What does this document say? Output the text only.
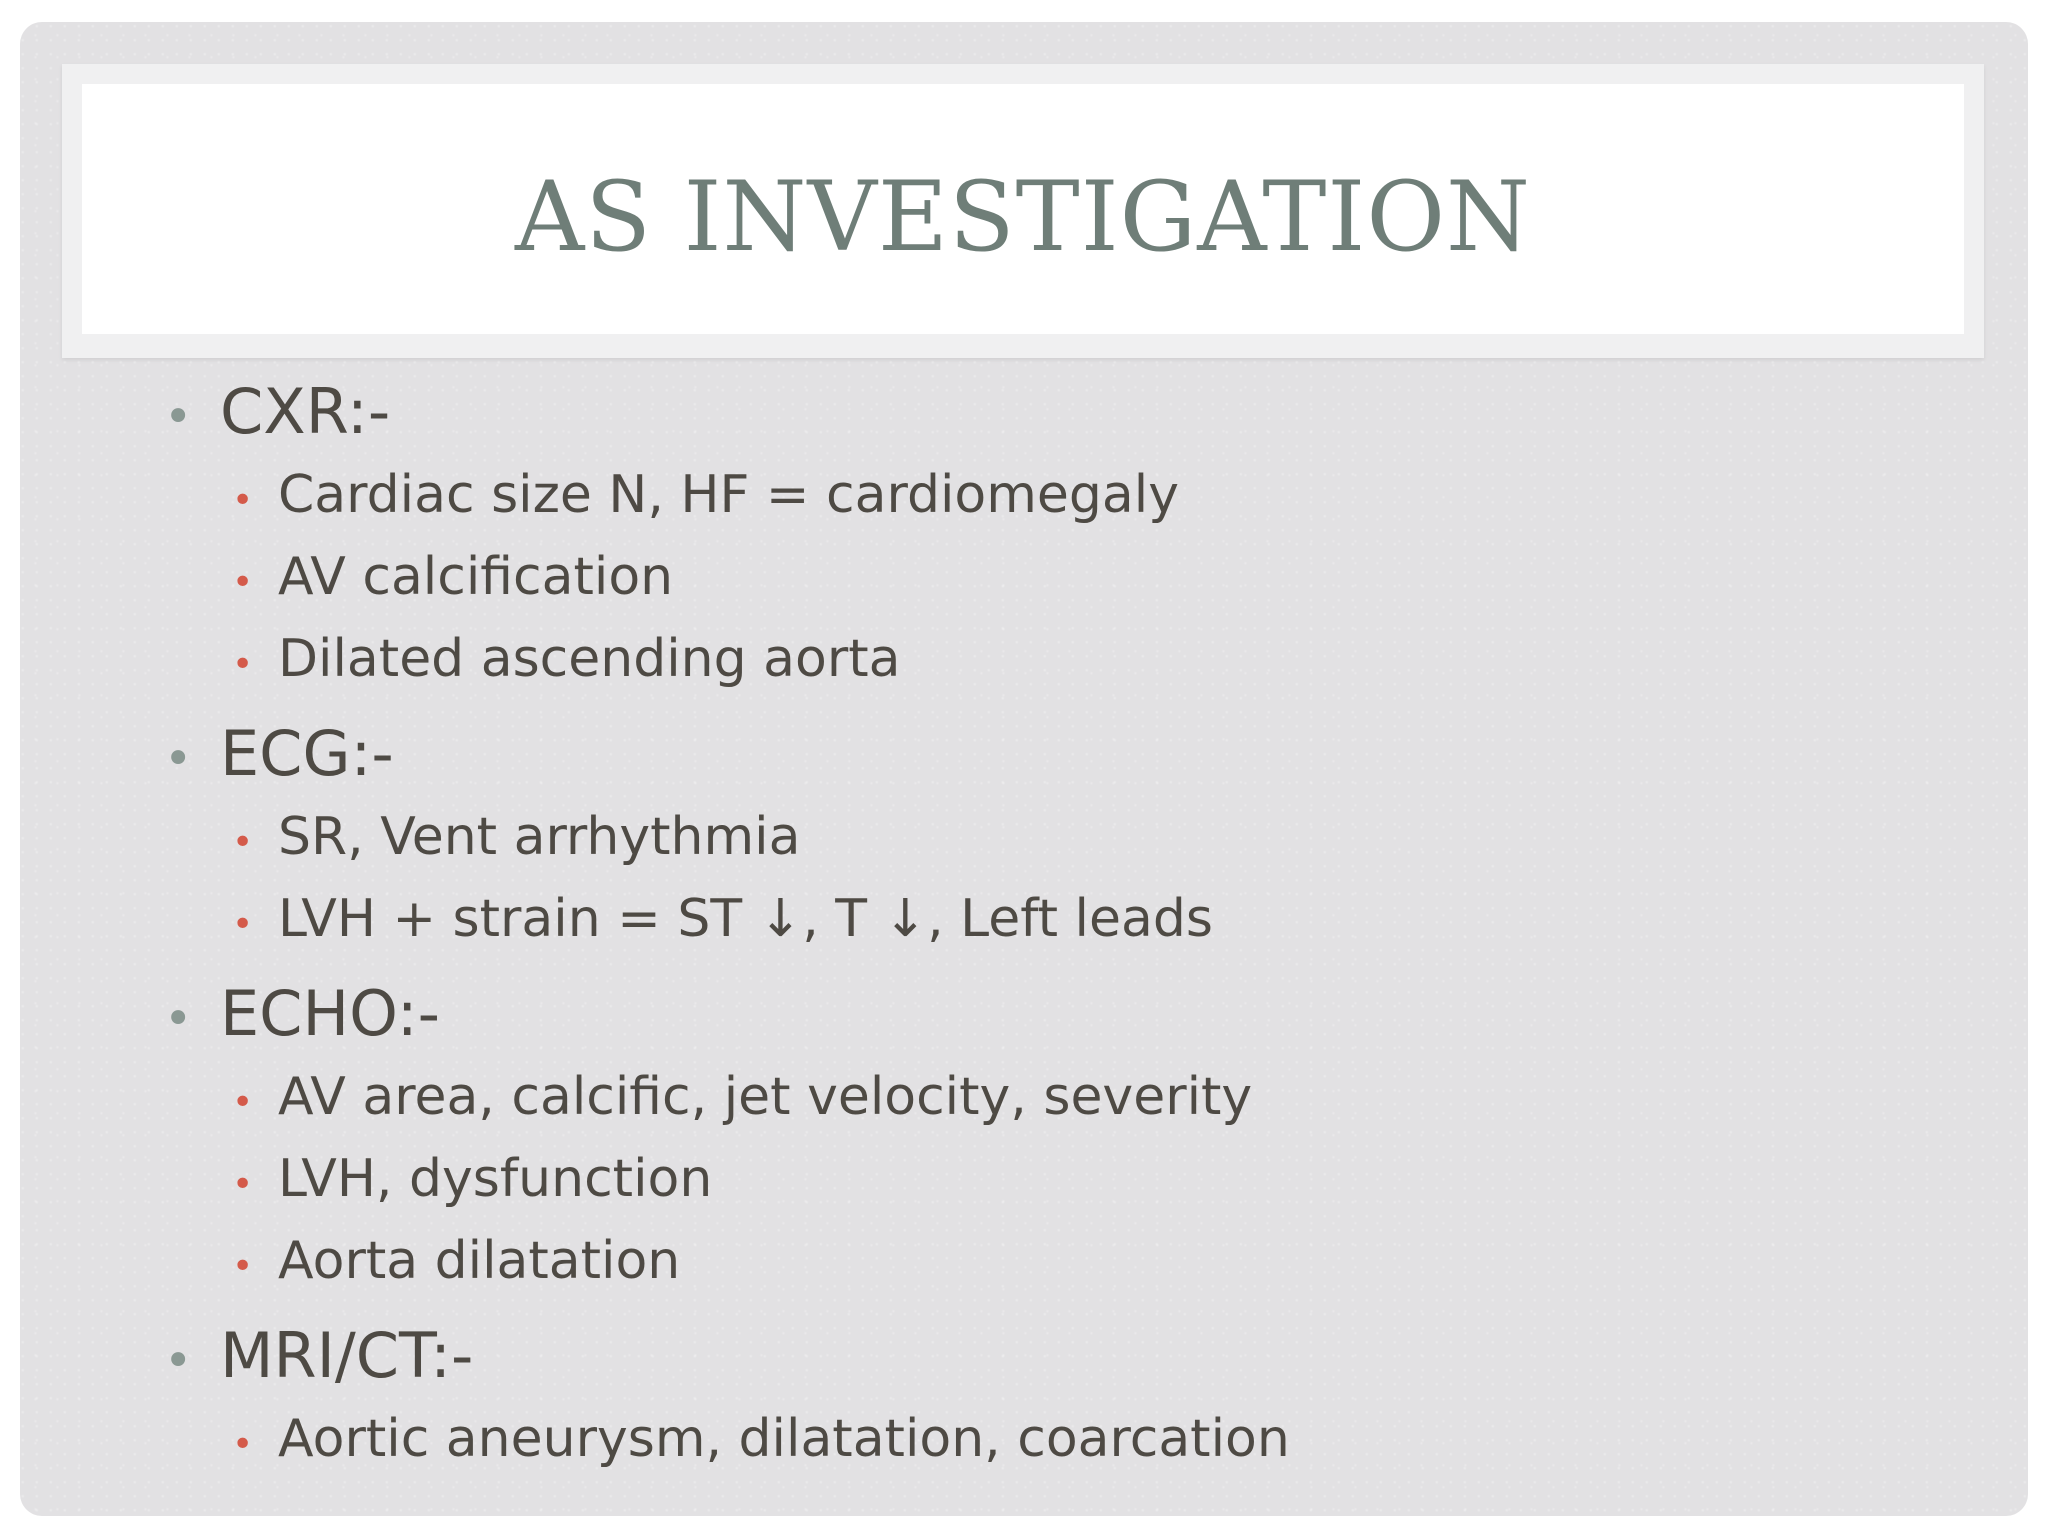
AS INVESTIGATION
• CXR:-
• Cardiac size N, HF = cardiomegaly
• AV calcification
• Dilated ascending aorta
• ECG:-
• SR, Vent arrhythmia
• LVH + strain = ST ↓, T ↓, Left leads
• ECHO:-
• AV area, calcific, jet velocity, severity
• LVH, dysfunction
• Aorta dilatation
• MRI/CT:-
• Aortic aneurysm, dilatation, coarcation
